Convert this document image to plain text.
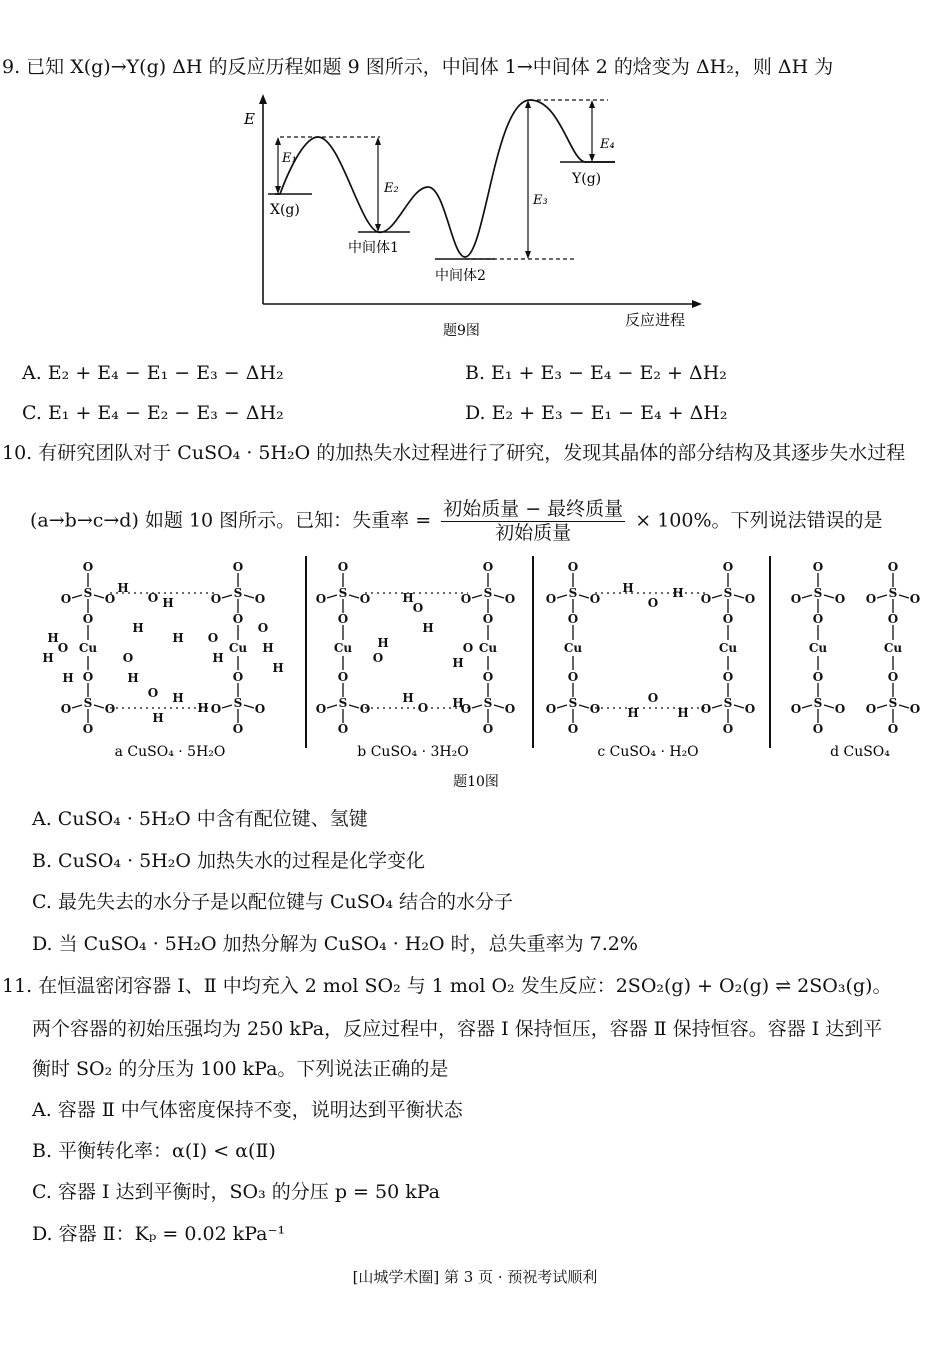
9. 已知 X(g)→Y(g) ΔH 的反应历程如题 9 图所示，中间体 1→中间体 2 的焓变为 ΔH₂，则 ΔH 为
E
E₁
E₂
E₃
E₄
X(g)
Y(g)
中间体1
中间体2
反应进程
题9图
A. E₂ + E₄ − E₁ − E₃ − ΔH₂	B. E₁ + E₃ − E₄ − E₂ + ΔH₂
C. E₁ + E₄ − E₂ − E₃ − ΔH₂	D. E₂ + E₃ − E₁ − E₄ + ΔH₂
10. 有研究团队对于 CuSO₄ · 5H₂O 的加热失水过程进行了研究，发现其晶体的部分结构及其逐步失水过程
(a→b→c→d) 如题 10 图所示。已知：失重率 = $\frac{\text{初始质量 − 最终质量}}{\text{初始质量}} \times 100\%$。下列说法错误的是
O
S
O	O
O
Cu
O
S
O	O
O
O
S
O	O
O
Cu
O
S
O	O
O
H
H
H
H
H
H
H
H
H
H
H
H
H
H
O
O
O
O
O
O
O
S
O	O
O
Cu
O
S
O	O
O
O
S
O	O
O
Cu
O
S
O	O
O
H
H
H
H
H	H
O
O
O
O
O
S
O	O
O
Cu
O
S
O	O
O
O
S
O	O
O
Cu
O
S
O	O
O
H	H
H	H
O
O
O
S
O	O
O
Cu
O
S
O	O
O
O
S
O	O
O
Cu
O
S
O	O
O
a CuSO₄ · 5H₂O	b CuSO₄ · 3H₂O	c CuSO₄ · H₂O	d CuSO₄
题10图
A. CuSO₄ · 5H₂O 中含有配位键、氢键
B. CuSO₄ · 5H₂O 加热失水的过程是化学变化
C. 最先失去的水分子是以配位键与 CuSO₄ 结合的水分子
D. 当 CuSO₄ · 5H₂O 加热分解为 CuSO₄ · H₂O 时，总失重率为 7.2%
11. 在恒温密闭容器 Ⅰ、Ⅱ 中均充入 2 mol SO₂ 与 1 mol O₂ 发生反应：2SO₂(g) + O₂(g) ⇌ 2SO₃(g)。
两个容器的初始压强均为 250 kPa，反应过程中，容器 Ⅰ 保持恒压，容器 Ⅱ 保持恒容。容器 Ⅰ 达到平
衡时 SO₂ 的分压为 100 kPa。下列说法正确的是
A. 容器 Ⅱ 中气体密度保持不变，说明达到平衡状态
B. 平衡转化率：α(Ⅰ) < α(Ⅱ)
C. 容器 Ⅰ 达到平衡时，SO₃ 的分压 p = 50 kPa
D. 容器 Ⅱ：Kₚ = 0.02 kPa⁻¹
[山城学术圈] 第 3 页 · 预祝考试顺利
